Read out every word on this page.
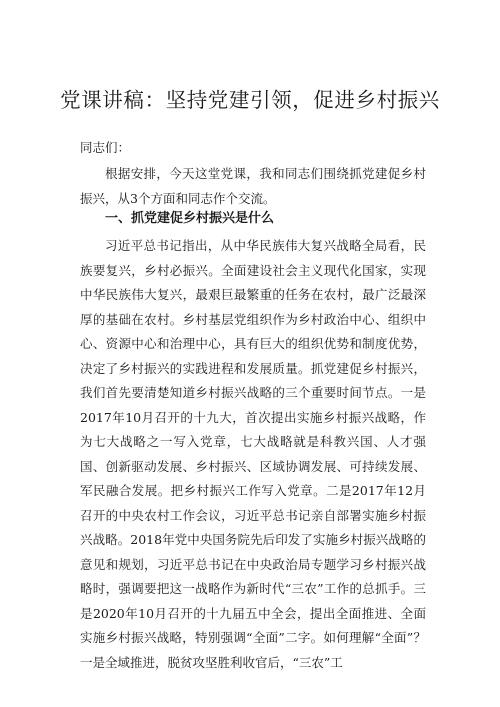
党课讲稿：坚持党建引领，促进乡村振兴
同志们：

根据安排，今天这堂党课，我和同志们围绕抓党建促乡村振兴，从3个方面和同志作个交流。

一、抓党建促乡村振兴是什么

习近平总书记指出，从中华民族伟大复兴战略全局看，民族要复兴，乡村必振兴。全面建设社会主义现代化国家，实现中华民族伟大复兴，最艰巨最繁重的任务在农村，最广泛最深厚的基础在农村。乡村基层党组织作为乡村政治中心、组织中心、资源中心和治理中心，具有巨大的组织优势和制度优势，决定了乡村振兴的实践进程和发展质量。抓党建促乡村振兴，我们首先要清楚知道乡村振兴战略的三个重要时间节点。一是2017年10月召开的十九大，首次提出实施乡村振兴战略，作为七大战略之一写入党章，七大战略就是科教兴国、人才强国、创新驱动发展、乡村振兴、区域协调发展、可持续发展、军民融合发展。把乡村振兴工作写入党章。二是2017年12月召开的中央农村工作会议，习近平总书记亲自部署实施乡村振兴战略。2018年党中央国务院先后印发了实施乡村振兴战略的意见和规划，习近平总书记在中央政治局专题学习乡村振兴战略时，强调要把这一战略作为新时代“三农”工作的总抓手。三是2020年10月召开的十九届五中全会，提出全面推进、全面实施乡村振兴战略，特别强调“全面”二字。如何理解“全面”？一是全域推进，脱贫攻坚胜利收官后，“三农”工
